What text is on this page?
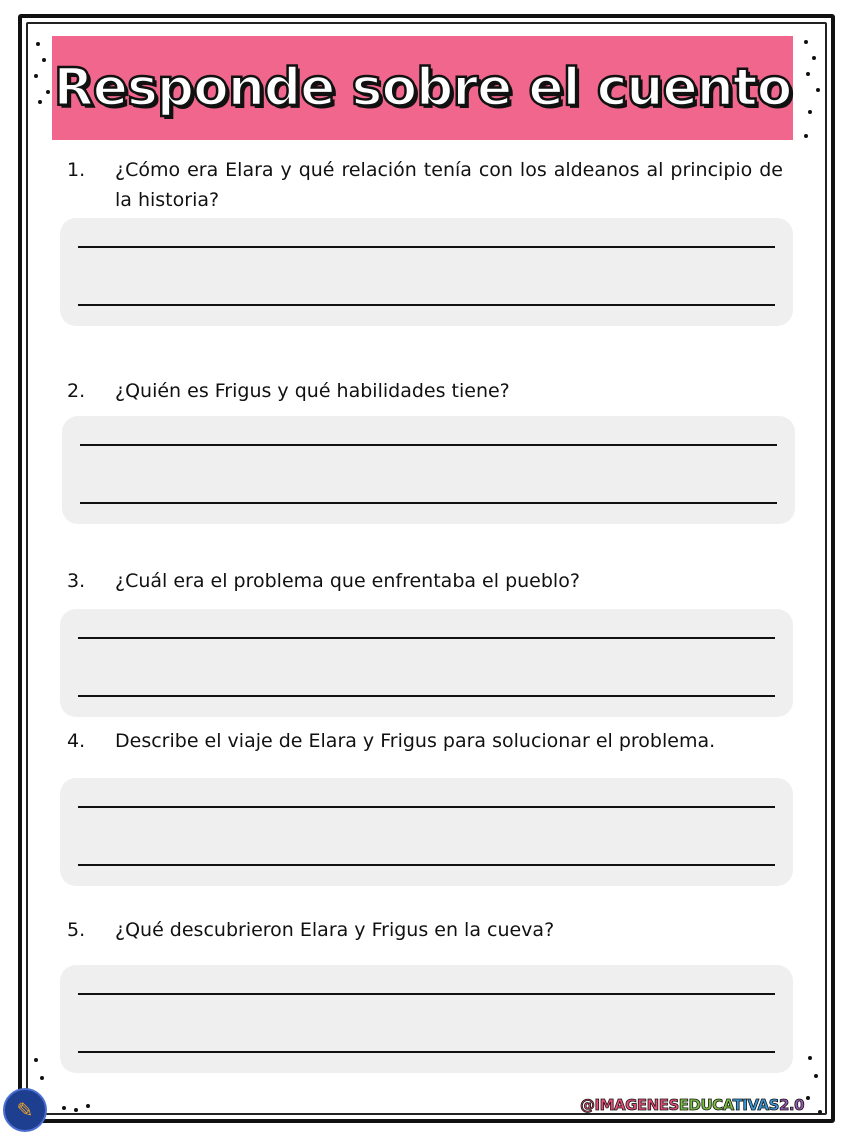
Responde sobre el cuento
1.	¿Cómo era Elara y qué relación tenía con los aldeanos al principio de la historia?
2.	¿Quién es Frigus y qué habilidades tiene?
3.	¿Cuál era el problema que enfrentaba el pueblo?
4.	Describe el viaje de Elara y Frigus para solucionar el problema.
5.	¿Qué descubrieron Elara y Frigus en la cueva?
✎	@IMAGENESEDUCATIVAS2.0
